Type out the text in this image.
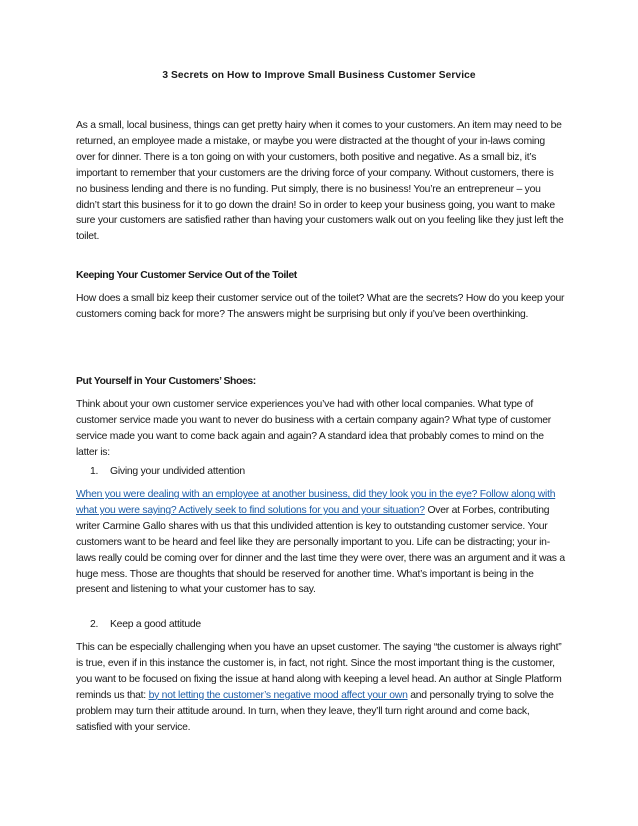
3 Secrets on How to Improve Small Business Customer Service

As a small, local business, things can get pretty hairy when it comes to your customers. An item may need to be returned, an employee made a mistake, or maybe you were distracted at the thought of your in-laws coming over for dinner. There is a ton going on with your customers, both positive and negative. As a small biz, it’s important to remember that your customers are the driving force of your company. Without customers, there is no business lending and there is no funding. Put simply, there is no business! You’re an entrepreneur – you didn’t start this business for it to go down the drain! So in order to keep your business going, you want to make sure your customers are satisfied rather than having your customers walk out on you feeling like they just left the toilet.

Keeping Your Customer Service Out of the Toilet

How does a small biz keep their customer service out of the toilet? What are the secrets? How do you keep your customers coming back for more? The answers might be surprising but only if you’ve been overthinking.

Put Yourself in Your Customers’ Shoes:

Think about your own customer service experiences you’ve had with other local companies. What type of customer service made you want to never do business with a certain company again? What type of customer service made you want to come back again and again? A standard idea that probably comes to mind on the latter is:

1. Giving your undivided attention

When you were dealing with an employee at another business, did they look you in the eye? Follow along with what you were saying? Actively seek to find solutions for you and your situation? Over at Forbes, contributing writer Carmine Gallo shares with us that this undivided attention is key to outstanding customer service. Your customers want to be heard and feel like they are personally important to you. Life can be distracting; your in-laws really could be coming over for dinner and the last time they were over, there was an argument and it was a huge mess. Those are thoughts that should be reserved for another time. What’s important is being in the present and listening to what your customer has to say.

2. Keep a good attitude

This can be especially challenging when you have an upset customer. The saying “the customer is always right” is true, even if in this instance the customer is, in fact, not right. Since the most important thing is the customer, you want to be focused on fixing the issue at hand along with keeping a level head. An author at Single Platform reminds us that: by not letting the customer’s negative mood affect your own and personally trying to solve the problem may turn their attitude around. In turn, when they leave, they’ll turn right around and come back, satisfied with your service.
